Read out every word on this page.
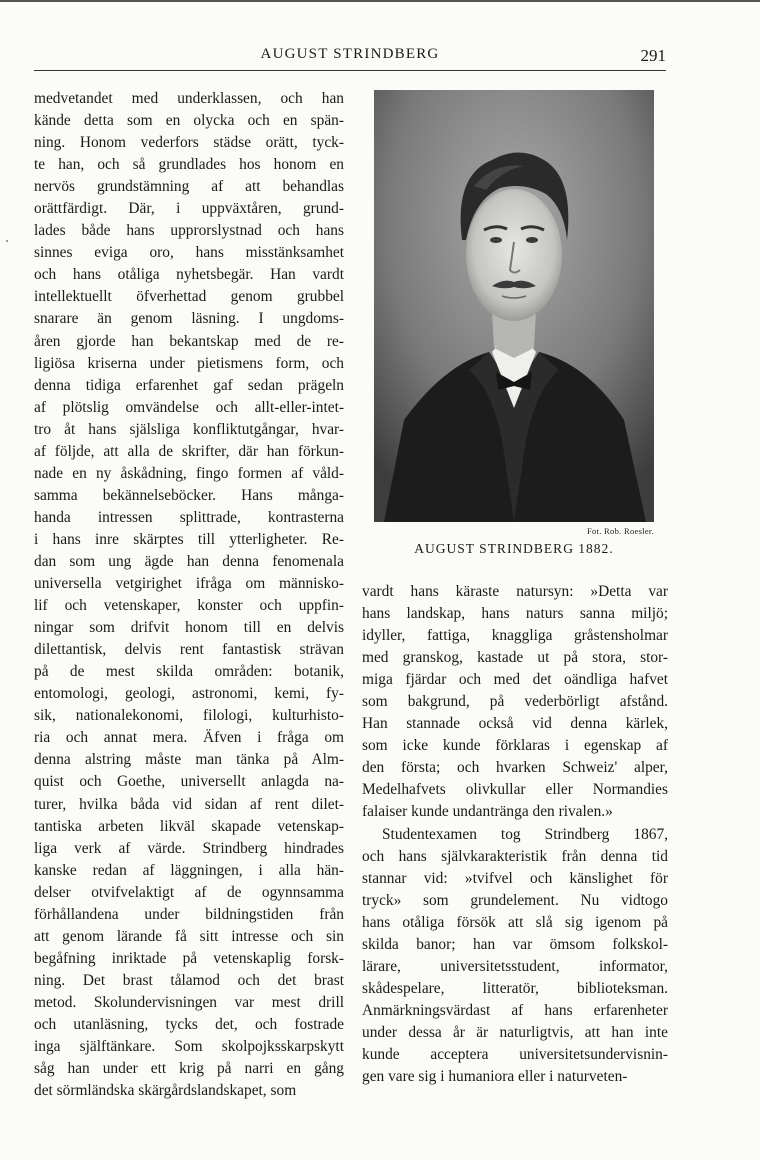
AUGUST STRINDBERG	291
medvetandet med underklassen, och han
kände detta som en olycka och en spän-
ning. Honom vederfors städse orätt, tyck-
te han, och så grundlades hos honom en
nervös grundstämning af att behandlas
orättfärdigt. Där, i uppväxtåren, grund-
lades både hans upprorslystnad och hans
sinnes eviga oro, hans misstänksamhet
och hans otåliga nyhetsbegär. Han vardt
intellektuellt öfverhettad genom grubbel
snarare än genom läsning. I ungdoms-
åren gjorde han bekantskap med de re-
ligiösa kriserna under pietismens form, och
denna tidiga erfarenhet gaf sedan prägeln
af plötslig omvändelse och allt-eller-intet-
tro åt hans själsliga konfliktutgångar, hvar-
af följde, att alla de skrifter, där han förkun-
nade en ny åskådning, fingo formen af våld-
samma bekännelseböcker. Hans många-
handa intressen splittrade, kontrasterna
i hans inre skärptes till ytterligheter. Re-
dan som ung ägde han denna fenomenala
universella vetgirighet ifråga om människo-
lif och vetenskaper, konster och uppfin-
ningar som drifvit honom till en delvis
dilettantisk, delvis rent fantastisk strävan
på de mest skilda områden: botanik,
entomologi, geologi, astronomi, kemi, fy-
sik, nationalekonomi, filologi, kulturhisto-
ria och annat mera. Äfven i fråga om
denna alstring måste man tänka på Alm-
quist och Goethe, universellt anlagda na-
turer, hvilka båda vid sidan af rent dilet-
tantiska arbeten likväl skapade vetenskap-
liga verk af värde. Strindberg hindrades
kanske redan af läggningen, i alla hän-
delser otvifvelaktigt af de ogynnsamma
förhållandena under bildningstiden från
att genom lärande få sitt intresse och sin
begåfning inriktade på vetenskaplig forsk-
ning. Det brast tålamod och det brast
metod. Skolundervisningen var mest drill
och utanläsning, tycks det, och fostrade
inga själftänkare. Som skolpojksskarpskytt
såg han under ett krig på narri en gång
det sörmländska skärgårdslandskapet, som
Fot. Rob. Roesler.
AUGUST STRINDBERG 1882.
vardt hans käraste natursyn: »Detta var
hans landskap, hans naturs sanna miljö;
idyller, fattiga, knaggliga gråstensholmar
med granskog, kastade ut på stora, stor-
miga fjärdar och med det oändliga hafvet
som bakgrund, på vederbörligt afstånd.
Han stannade också vid denna kärlek,
som icke kunde förklaras i egenskap af
den första; och hvarken Schweiz' alper,
Medelhafvets olivkullar eller Normandies
falaiser kunde undantränga den rivalen.»
Studentexamen tog Strindberg 1867,
och hans självkarakteristik från denna tid
stannar vid: »tvifvel och känslighet för
tryck» som grundelement. Nu vidtogo
hans otåliga försök att slå sig igenom på
skilda banor; han var ömsom folkskol-
lärare, universitetsstudent, informator,
skådespelare, litteratör, biblioteksman.
Anmärkningsvärdast af hans erfarenheter
under dessa år är naturligtvis, att han inte
kunde acceptera universitetsundervisnin-
gen vare sig i humaniora eller i naturveten-
